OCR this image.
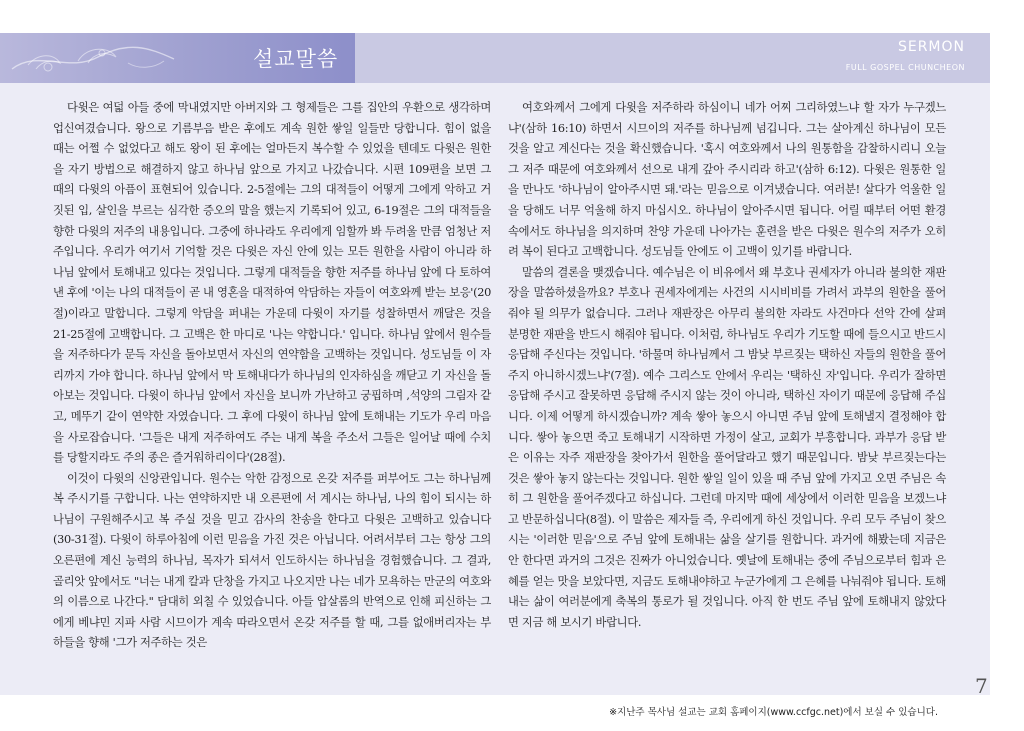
설교말씀	SERMON
FULL GOSPEL CHUNCHEON

다윗은 여덟 아들 중에 막내였지만 아버지와 그 형제들은 그를 집안의 우환으로 생각하며 업신여겼습니다. 왕으로 기름부음 받은 후에도 계속 원한 쌓일 일들만 당합니다. 힘이 없을 때는 어쩔 수 없었다고 해도 왕이 된 후에는 얼마든지 복수할 수 있었을 텐데도 다윗은 원한을 자기 방법으로 해결하지 않고 하나님 앞으로 가지고 나갔습니다. 시편 109편을 보면 그 때의 다윗의 아픔이 표현되어 있습니다. 2-5절에는 그의 대적들이 어떻게 그에게 악하고 거짓된 입, 살인을 부르는 심각한 증오의 말을 했는지 기록되어 있고, 6-19절은 그의 대적들을 향한 다윗의 저주의 내용입니다. 그중에 하나라도 우리에게 임할까 봐 두려울 만큼 엄청난 저주입니다. 우리가 여기서 기억할 것은 다윗은 자신 안에 있는 모든 원한을 사람이 아니라 하나님 앞에서 토해내고 있다는 것입니다. 그렇게 대적들을 향한 저주를 하나님 앞에 다 토하여 낸 후에 '이는 나의 대적들이 곧 내 영혼을 대적하여 악담하는 자들이 여호와께 받는 보응'(20절)이라고 말합니다. 그렇게 악담을 퍼내는 가운데 다윗이 자기를 성찰하면서 깨달은 것을 21-25절에 고백합니다. 그 고백은 한 마디로 '나는 약합니다.' 입니다. 하나님 앞에서 원수들을 저주하다가 문득 자신을 돌아보면서 자신의 연약함을 고백하는 것입니다. 성도님들 이 자리까지 가야 합니다. 하나님 앞에서 막 토해내다가 하나님의 인자하심을 깨닫고 기 자신을 돌아보는 것입니다. 다윗이 하나님 앞에서 자신을 보니까 가난하고 궁핍하며 ,석양의 그림자 같고, 메뚜기 같이 연약한 자였습니다. 그 후에 다윗이 하나님 앞에 토해내는 기도가 우리 마음을 사로잡습니다. '그들은 내게 저주하여도 주는 내게 복을 주소서 그들은 일어날 때에 수치를 당할지라도 주의 종은 즐거워하리이다'(28절).

이것이 다윗의 신앙관입니다. 원수는 악한 감정으로 온갖 저주를 퍼부어도 그는 하나님께 복 주시기를 구합니다. 나는 연약하지만 내 오른편에 서 계시는 하나님, 나의 힘이 되시는 하나님이 구원해주시고 복 주실 것을 믿고 감사의 찬송을 한다고 다윗은 고백하고 있습니다(30-31절). 다윗이 하루아침에 이런 믿음을 가진 것은 아닙니다. 어려서부터 그는 항상 그의 오른편에 계신 능력의 하나님, 목자가 되셔서 인도하시는 하나님을 경험했습니다. 그 결과, 골리앗 앞에서도 "너는 내게 칼과 단창을 가지고 나오지만 나는 네가 모욕하는 만군의 여호와의 이름으로 나간다." 담대히 외칠 수 있었습니다. 아들 압살롬의 반역으로 인해 피신하는 그에게 베냐민 지파 사람 시므이가 계속 따라오면서 온갖 저주를 할 때, 그를 없애버리자는 부하들을 향해 '그가 저주하는 것은

여호와께서 그에게 다윗을 저주하라 하심이니 네가 어찌 그리하였느냐 할 자가 누구겠느냐'(삼하 16:10) 하면서 시므이의 저주를 하나님께 넘깁니다. 그는 살아계신 하나님이 모든 것을 알고 계신다는 것을 확신했습니다. '혹시 여호와께서 나의 원통함을 감찰하시리니 오늘 그 저주 때문에 여호와께서 선으로 내게 갚아 주시리라 하고'(삼하 6:12). 다윗은 원통한 일을 만나도 '하나님이 알아주시면 돼.'라는 믿음으로 이겨냈습니다. 여러분! 살다가 억울한 일을 당해도 너무 억울해 하지 마십시오. 하나님이 알아주시면 됩니다. 어릴 때부터 어떤 환경 속에서도 하나님을 의지하며 찬양 가운데 나아가는 훈련을 받은 다윗은 원수의 저주가 오히려 복이 된다고 고백합니다. 성도님들 안에도 이 고백이 있기를 바랍니다.

말씀의 결론을 맺겠습니다. 예수님은 이 비유에서 왜 부호나 권세자가 아니라 불의한 재판장을 말씀하셨을까요? 부호나 권세자에게는 사건의 시시비비를 가려서 과부의 원한을 풀어줘야 될 의무가 없습니다. 그러나 재판장은 아무리 불의한 자라도 사건마다 선악 간에 살펴 분명한 재판을 반드시 해줘야 됩니다. 이처럼, 하나님도 우리가 기도할 때에 들으시고 반드시 응답해 주신다는 것입니다. '하물며 하나님께서 그 밤낮 부르짖는 택하신 자들의 원한을 풀어 주지 아니하시겠느냐'(7절). 예수 그리스도 안에서 우리는 '택하신 자'입니다. 우리가 잘하면 응답해 주시고 잘못하면 응답해 주시지 않는 것이 아니라, 택하신 자이기 때문에 응답해 주십니다. 이제 어떻게 하시겠습니까? 계속 쌓아 놓으시 아니면 주님 앞에 토해낼지 결정해야 합니다. 쌓아 놓으면 죽고 토해내기 시작하면 가정이 살고, 교회가 부흥합니다. 과부가 응답 받은 이유는 자주 재판장을 찾아가서 원한을 풀어달라고 했기 때문입니다. 밤낮 부르짖는다는 것은 쌓아 놓지 않는다는 것입니다. 원한 쌓일 일이 있을 때 주님 앞에 가지고 오면 주님은 속히 그 원한을 풀어주겠다고 하십니다. 그런데 마지막 때에 세상에서 이러한 믿음을 보겠느냐고 반문하십니다(8절). 이 말씀은 제자들 즉, 우리에게 하신 것입니다. 우리 모두 주님이 찾으시는 '이러한 믿음'으로 주님 앞에 토해내는 삶을 살기를 원합니다. 과거에 해봤는데 지금은 안 한다면 과거의 그것은 진짜가 아니었습니다. 옛날에 토해내는 중에 주님으로부터 힘과 은혜를 얻는 맛을 보았다면, 지금도 토해내야하고 누군가에게 그 은혜를 나눠줘야 됩니다. 토해내는 삶이 여러분에게 축복의 통로가 될 것입니다. 아직 한 번도 주님 앞에 토해내지 않았다면 지금 해 보시기 바랍니다.

7
※지난주 목사님 설교는 교회 홈페이지(www.ccfgc.net)에서 보실 수 있습니다.
